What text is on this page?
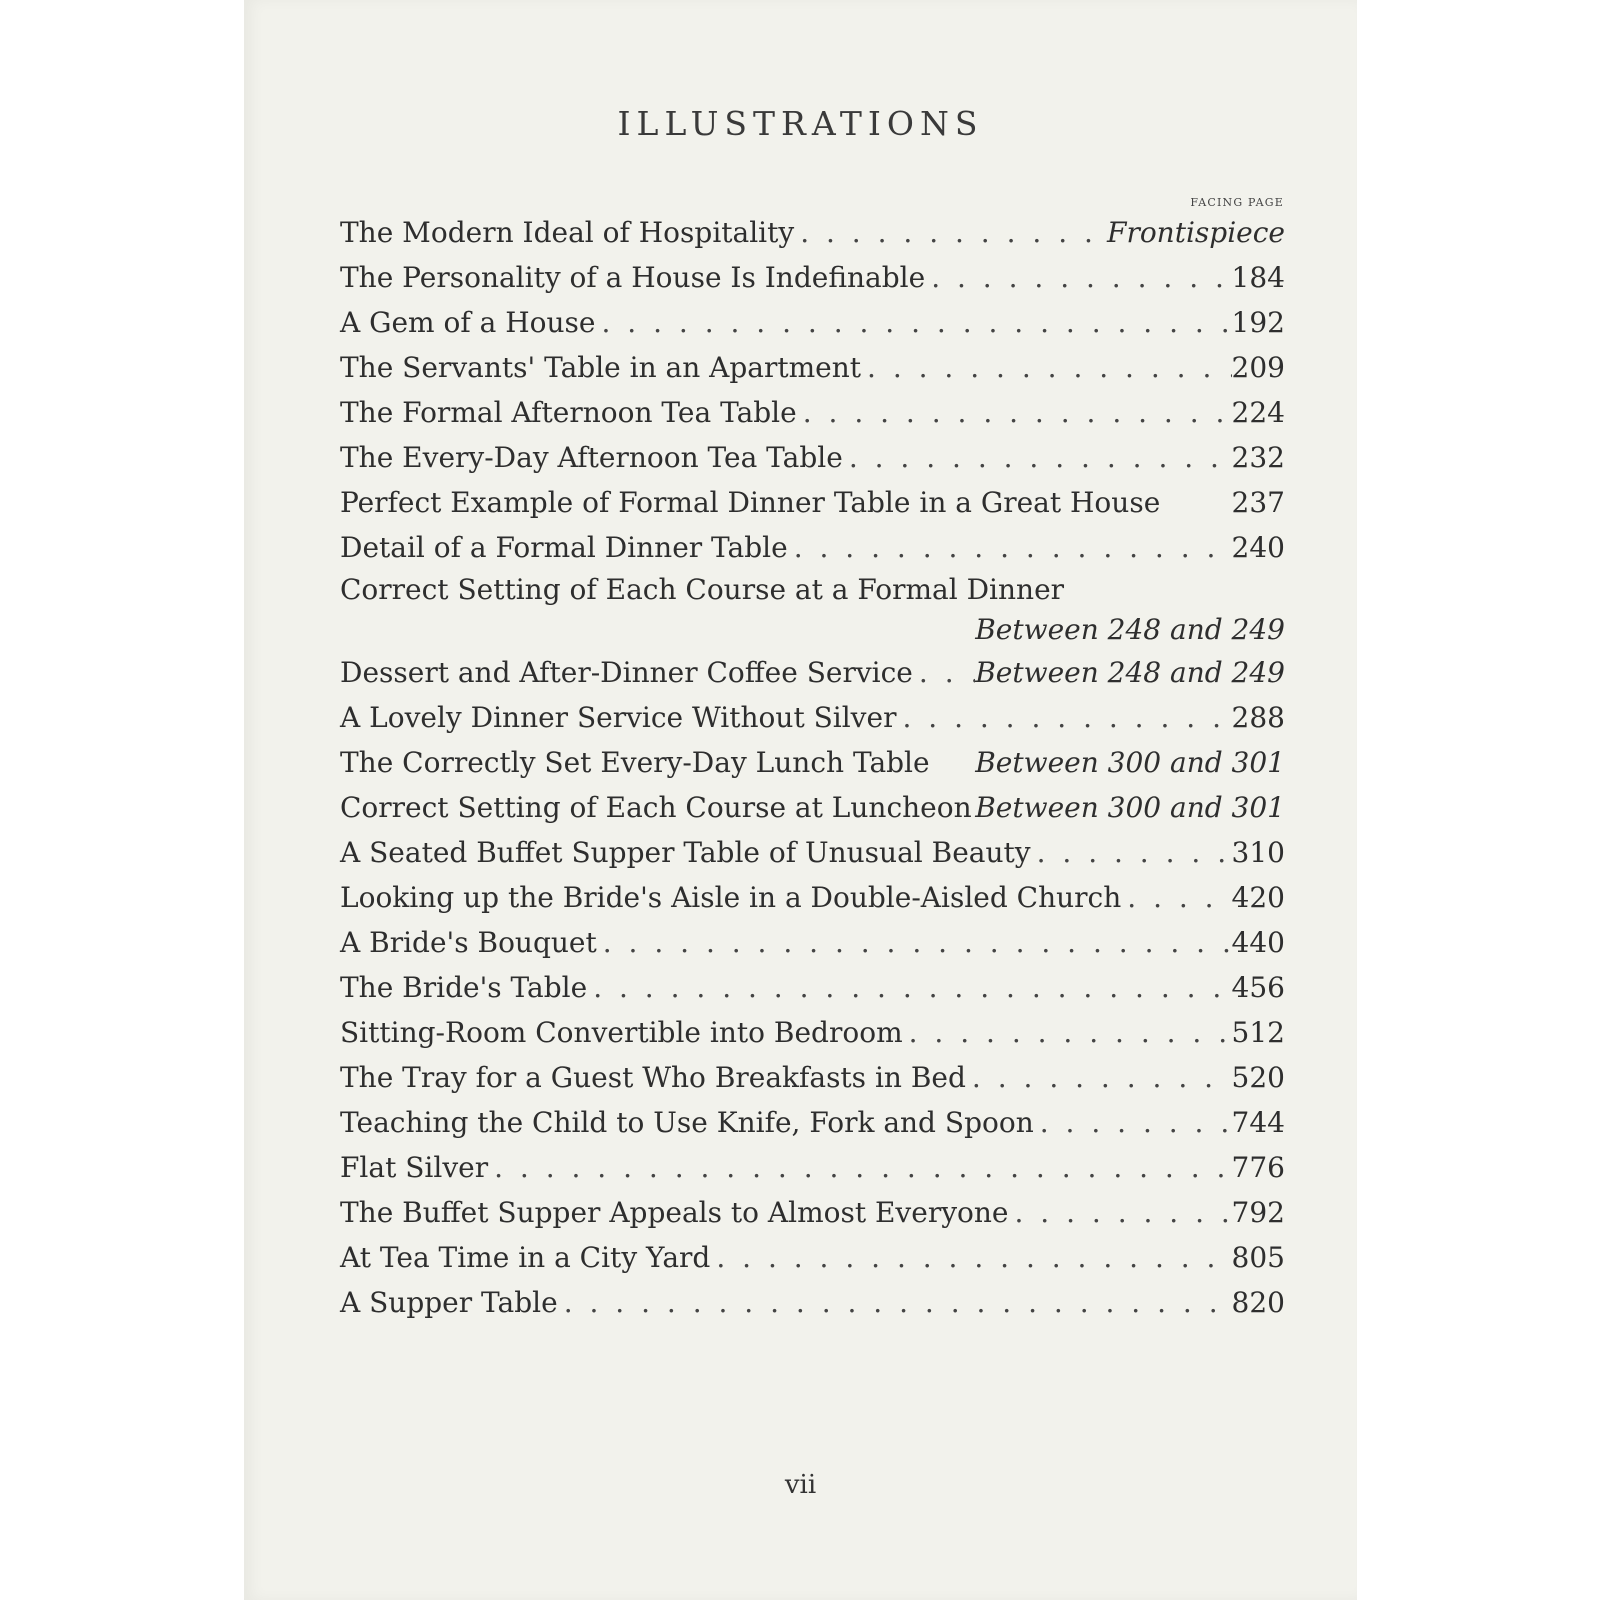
ILLUSTRATIONS
FACING PAGE
The Modern Ideal of Hospitality . .	Frontispiece
The Personality of a House Is Indefinable . .	184
A Gem of a House . .	192
The Servants' Table in an Apartment . .	209
The Formal Afternoon Tea Table . .	224
The Every-Day Afternoon Tea Table . .	232
Perfect Example of Formal Dinner Table in a Great House	237
Detail of a Formal Dinner Table . .	240
Correct Setting of Each Course at a Formal Dinner
Between 248 and 249
Dessert and After-Dinner Coffee Service . . Between 248 and 249
A Lovely Dinner Service Without Silver . .	288
The Correctly Set Every-Day Lunch Table Between 300 and 301
Correct Setting of Each Course at Luncheon Between 300 and 301
A Seated Buffet Supper Table of Unusual Beauty . .	310
Looking up the Bride's Aisle in a Double-Aisled Church . .	420
A Bride's Bouquet . .	440
The Bride's Table . .	456
Sitting-Room Convertible into Bedroom . .	512
The Tray for a Guest Who Breakfasts in Bed . .	520
Teaching the Child to Use Knife, Fork and Spoon . .	744
Flat Silver . .	776
The Buffet Supper Appeals to Almost Everyone . .	792
At Tea Time in a City Yard . .	805
A Supper Table . .	820
vii
